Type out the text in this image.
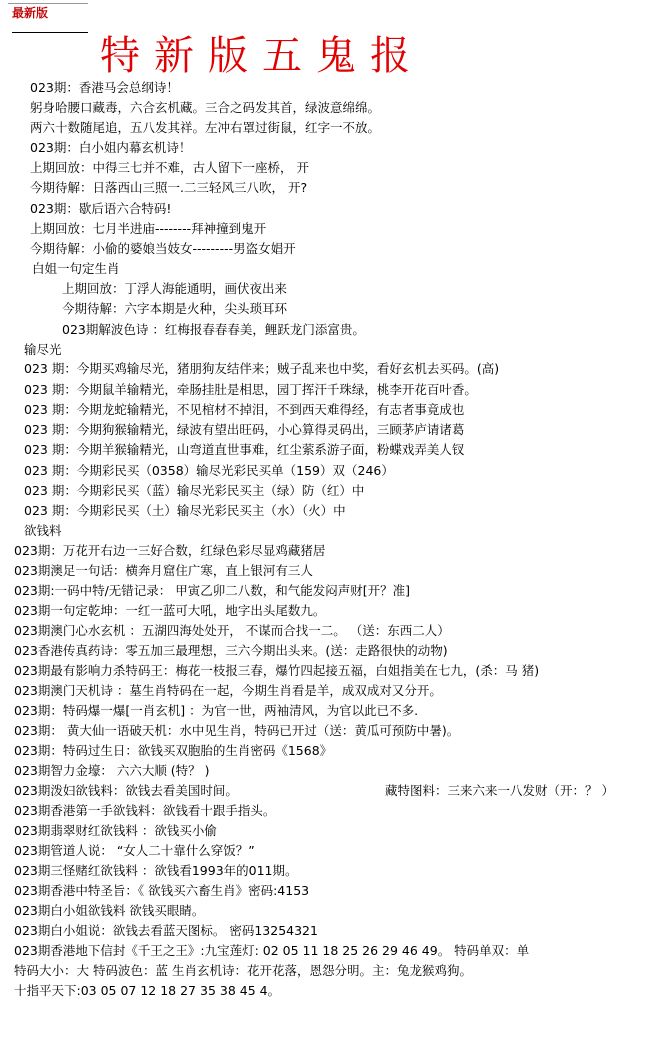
最新版
特新版五鬼报
023期：香港马会总纲诗！
躬身哈腰口藏毒，六合玄机藏。三合之码发其首，绿波意绵绵。
两六十数随尾追，五八发其祥。左冲右罩过街鼠，红字一不放。
023期：白小姐内幕玄机诗！
上期回放：中得三七并不难，古人留下一座桥， 开
今期待解：日落西山三照一.二三轻风三八吹， 开?
023期：歇后语六合特码!
上期回放：七月半进庙--------拜神撞到鬼开
今期待解：小偷的婆娘当妓女---------男盗女娼开
白姐一句定生肖
上期回放：丁浮人海能通明，画伏夜出来
今期待解：六字本期是火种，尖头琐耳环
023期解波色诗 ：红梅报春春春美，鲤跃龙门添富贵。
输尽光
023 期：今期买鸡输尽光，猪朋狗友结伴来；贼子乱来也中奖，看好玄机去买码。(高)
023 期：今期鼠羊输精光，牵肠挂肚是相思，园丁挥汗千珠绿，桃李开花百叶香。
023 期：今期龙蛇输精光，不见棺材不掉泪，不到西天难得经，有志者事竟成也
023 期：今期狗猴输精光，绿波有望出旺码，小心算得灵码出，三顾茅庐请诸葛
023 期：今期羊猴输精光，山弯道直世事难，红尘萦系游子面，粉蝶戏弄美人钗
023 期：今期彩民买（0358）输尽光彩民买单（159）双（246）
023 期：今期彩民买（蓝）输尽光彩民买主（绿）防（红）中
023 期：今期彩民买（土）输尽光彩民买主（水）（火）中
欲钱料
023期：万花开右边一三好合数，红绿色彩尽显鸡藏猪居
023期澳足一句话：横奔月窟住广寒，直上银河有三人
023期:一码中特/无错记录： 甲寅乙卯二八数，和气能发闷声财[开？准]
023期一句定乾坤：一红一蓝可大吼，地字出头尾数九。
023期澳门心水玄机 ：五湖四海处处开， 不谋而合找一二。 （送：东西二人）
023香港传真药诗：零五加三最理想，三六今期出头来。(送：走路很快的动物)
023期最有影响力杀特码王：梅花一枝报三春，爆竹四起接五福，白姐指美在七九，(杀：马 猪)
023期澳门天机诗 ：墓生肖特码在一起，今期生肖看是羊，成双成对又分开。
023期：特码爆一爆[一肖玄机] ：为官一世，两袖清风，为官以此已不多.
023期： 黄大仙一语破天机：水中见生肖，特码已开过（送：黄瓜可预防中暑)。
023期：特码过生日：欲钱买双胞胎的生肖密码《1568》
023期智力金壕： 六六大顺 (特？ )
023期泼妇欲钱料：欲钱去看美国时间。	藏特图料：三来六来一八发财（开：？ ）
023期香港第一手欲钱料：欲钱看十跟手指头。
023期翡翠财红欲钱料 ：欲钱买小偷
023期管道人说： “女人二十靠什么穿饭？”
023期三怪赌红欲钱料 ：欲钱看1993年的011期。
023期香港中特圣旨：《 欲钱买六畜生肖》密码:4153
023期白小姐欲钱料 欲钱买眼睛。
023期白小姐说：欲钱去看蓝天图标。 密码13254321
023期香港地下信封《千王之王》:九宝莲灯: 02 05 11 18 25 26 29 46 49。 特码单双：单
特码大小：大 特码波色：蓝 生肖玄机诗：花开花落，恩怨分明。主：兔龙猴鸡狗。
十指平天下:03 05 07 12 18 27 35 38 45 4。
